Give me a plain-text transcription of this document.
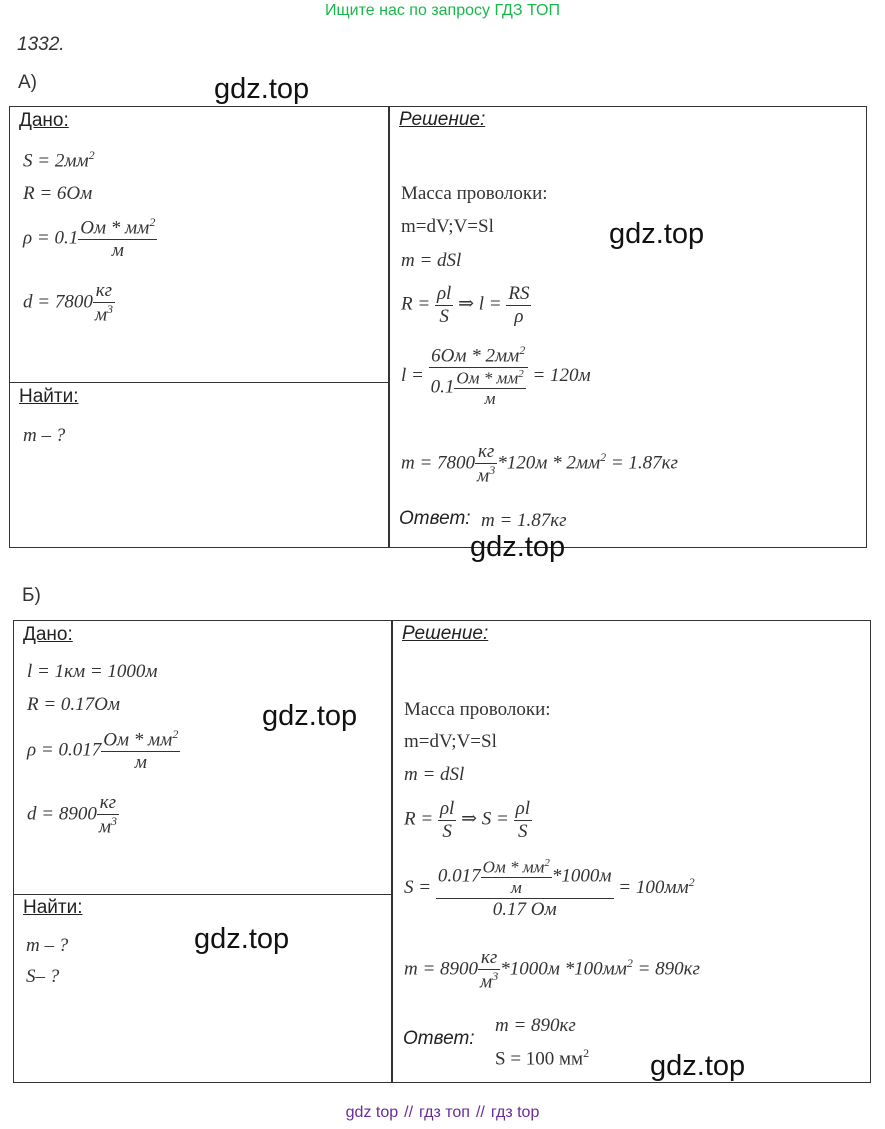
Ищите нас по запросу ГДЗ ТОП
1332.
А)
Дано:
$S = 2мм^2$
R = 6Ом
$\rho = 0.1 \frac{Ом * мм^2}{м}$
$d = 7800 \frac{кг}{м^3}$
Найти:
m – ?
Решение:
Масса проволоки:
m=dV;V=Sl
m = dSl
$R = \frac{\rho l}{S}$ ⇒ $l = \frac{RS}{\rho}$
$l = \frac{6Ом * 2мм^2}{0.1 \frac{Ом * мм^2}{м}} = 120м$
$m = 7800 \frac{кг}{м^3} *120м * 2мм^2 = 1.87кг$
Ответ: m = 1.87кг
Б)
Дано:
l = 1км = 1000м
R = 0.17Ом
$\rho = 0.017 \frac{Ом * мм^2}{м}$
$d = 8900 \frac{кг}{м^3}$
Найти:
m – ?
S– ?
Решение:
Масса проволоки:
m=dV;V=Sl
m = dSl
$R = \frac{\rho l}{S}$ ⇒ $S = \frac{\rho l}{S}$
$S = \frac{0.017 \frac{Ом * мм^2}{м} *1000м}{0.17 Ом} = 100мм^2$
$m = 8900 \frac{кг}{м^3} *1000м$ $*100мм^2 = 890кг$
Ответ:
m = 890кг
S = 100 $мм^2$
gdz.top
gdz.top
gdz.top
gdz.top
gdz.top
gdz.top
gdz top // гдз топ // гдз top
